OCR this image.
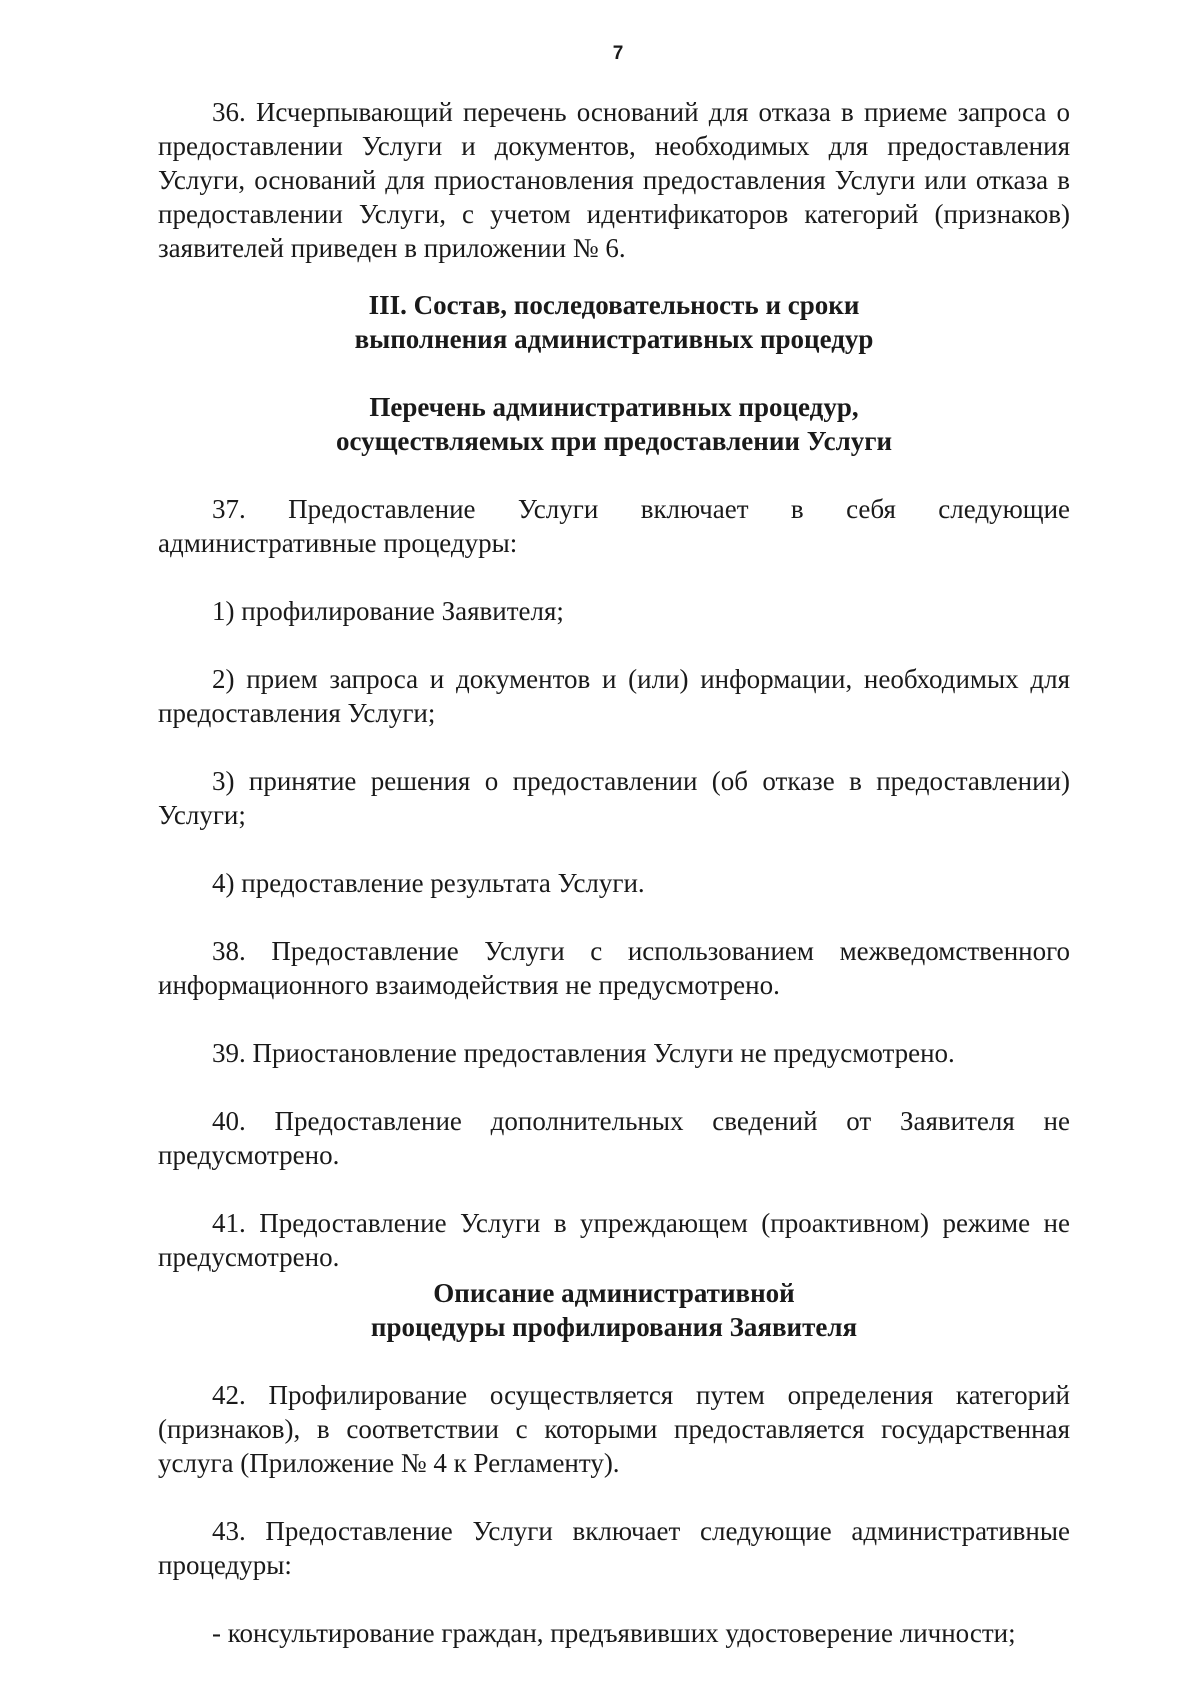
7

36. Исчерпывающий перечень оснований для отказа в приеме запроса о предоставлении Услуги и документов, необходимых для предоставления Услуги, оснований для приостановления предоставления Услуги или отказа в предоставлении Услуги, с учетом идентификаторов категорий (признаков) заявителей приведен в приложении № 6.

III. Состав, последовательность и сроки
выполнения административных процедур

Перечень административных процедур,
осуществляемых при предоставлении Услуги

37. Предоставление Услуги включает в себя следующие административные процедуры:

1) профилирование Заявителя;

2) прием запроса и документов и (или) информации, необходимых для предоставления Услуги;

3) принятие решения о предоставлении (об отказе в предоставлении) Услуги;

4) предоставление результата Услуги.

38. Предоставление Услуги с использованием межведомственного информационного взаимодействия не предусмотрено.

39. Приостановление предоставления Услуги не предусмотрено.

40. Предоставление дополнительных сведений от Заявителя не предусмотрено.

41. Предоставление Услуги в упреждающем (проактивном) режиме не предусмотрено.

Описание административной
процедуры профилирования Заявителя

42. Профилирование осуществляется путем определения категорий (признаков), в соответствии с которыми предоставляется государственная услуга (Приложение № 4 к Регламенту).

43. Предоставление Услуги включает следующие административные процедуры:

- консультирование граждан, предъявивших удостоверение личности;
